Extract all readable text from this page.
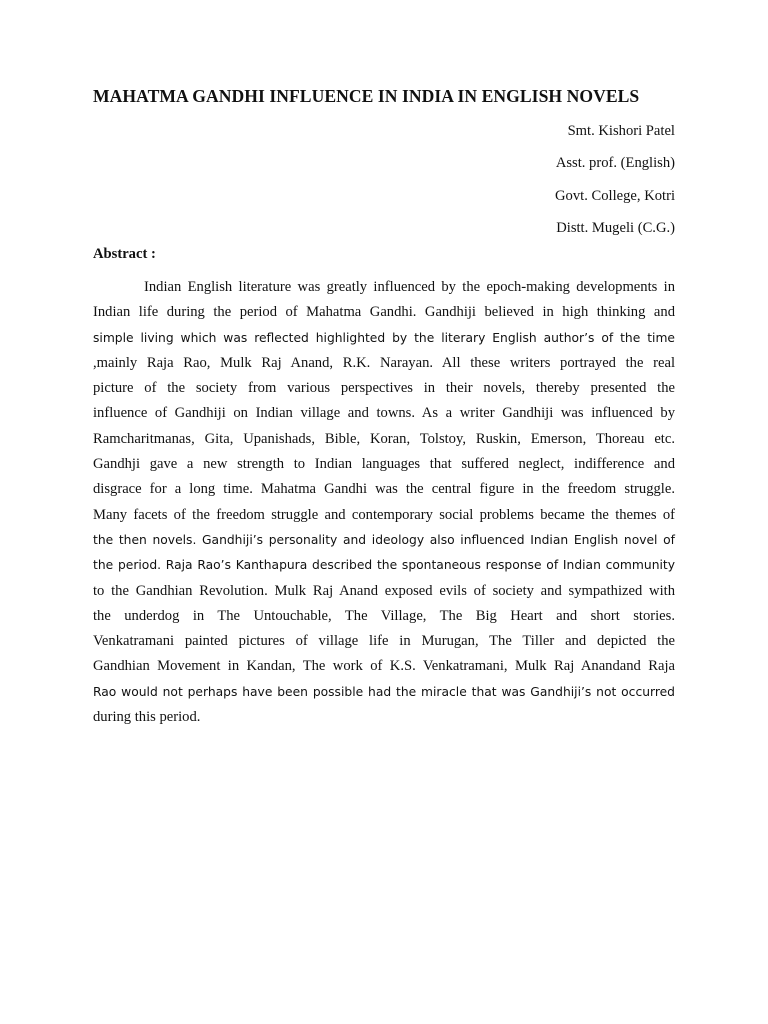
MAHATMA GANDHI INFLUENCE IN INDIA IN ENGLISH NOVELS
Smt. Kishori Patel
Asst. prof. (English)
Govt. College, Kotri
Distt. Mugeli (C.G.)
Abstract :
Indian English literature was greatly influenced by the epoch-making developments in
Indian life during the period of Mahatma Gandhi. Gandhiji believed in high thinking and
simple living which was reflected highlighted by the literary English author’s of the time
,mainly Raja Rao, Mulk Raj Anand, R.K. Narayan. All these writers portrayed the real
picture of the society from various perspectives in their novels, thereby presented the
influence of Gandhiji on Indian village and towns. As a writer Gandhiji was influenced by
Ramcharitmanas, Gita, Upanishads, Bible, Koran, Tolstoy, Ruskin, Emerson, Thoreau etc.
Gandhji gave a new strength to Indian languages that suffered neglect, indifference and
disgrace for a long time. Mahatma Gandhi was the central figure in the freedom struggle.
Many facets of the freedom struggle and contemporary social problems became the themes of
the then novels. Gandhiji’s personality and ideology also influenced Indian English novel of
the period. Raja Rao’s Kanthapura described the spontaneous response of Indian community
to the Gandhian Revolution. Mulk Raj Anand exposed evils of society and sympathized with
the underdog in The Untouchable, The Village, The Big Heart and short stories.
Venkatramani painted pictures of village life in Murugan, The Tiller and depicted the
Gandhian Movement in Kandan, The work of K.S. Venkatramani, Mulk Raj Anandand Raja
Rao would not perhaps have been possible had the miracle that was Gandhiji’s not occurred
during this period.
